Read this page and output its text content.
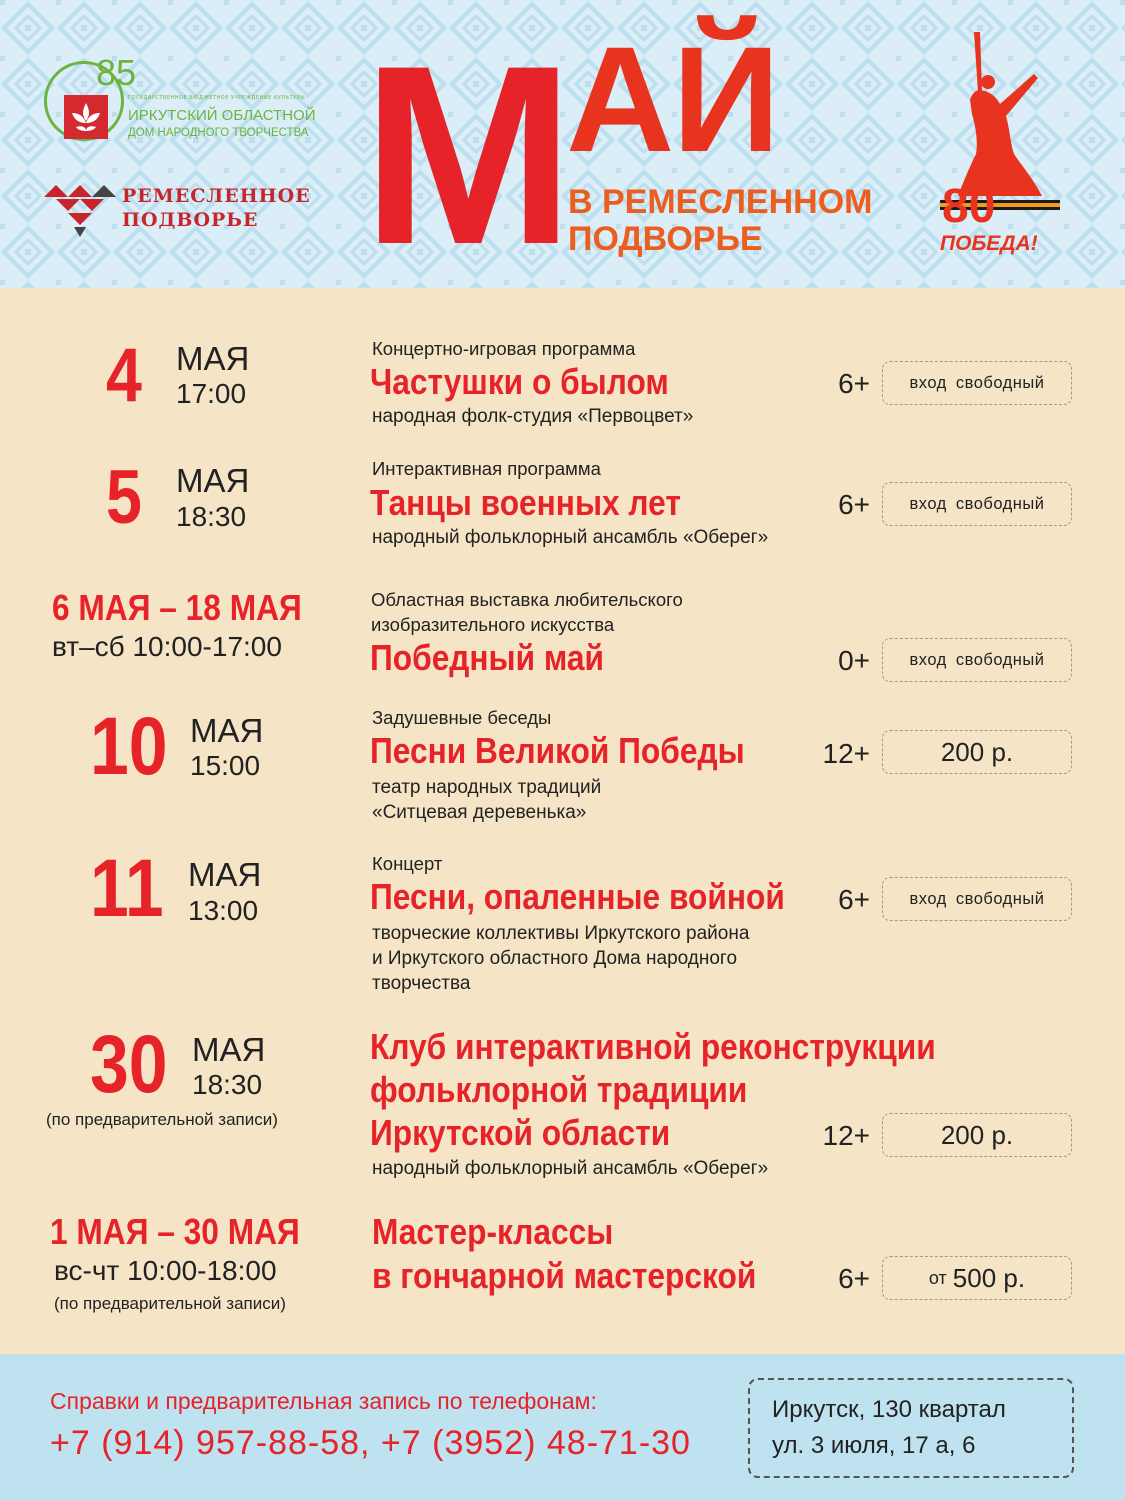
85
ГОСУДАРСТВЕННОЕ БЮДЖЕТНОЕ УЧРЕЖДЕНИЕ КУЛЬТУРЫ
ИРКУТСКИЙ ОБЛАСТНОЙ
ДОМ НАРОДНОГО ТВОРЧЕСТВА
РЕМЕСЛЕННОЕ
ПОДВОРЬЕ М
АЙ
В РЕМЕСЛЕННОМ
ПОДВОРЬЕ
80
ПОБЕДА!
4 МАЯ
17:00
Концертно-игровая программа
Частушки о былом
народная фолк-студия «Первоцвет»
6+	вход свободный
5 МАЯ
18:30
Интерактивная программа
Танцы военных лет
народный фольклорный ансамбль «Оберег»
6+	вход свободный
6 МАЯ – 18 МАЯ
вт–сб 10:00-17:00
Областная выставка любительского
изобразительного искусства
Победный май	0+	вход свободный
10 МАЯ
15:00
Задушевные беседы
Песни Великой Победы
театр народных традиций
«Ситцевая деревенька»
12+	200 р.
11 МАЯ
13:00
Концерт
Песни, опаленные войной
творческие коллективы Иркутского района
и Иркутского областного Дома народного
творчества
6+	вход свободный
30 МАЯ
18:30
(по предварительной записи)
Клуб интерактивной реконструкции
фольклорной традиции
Иркутской области
народный фольклорный ансамбль «Оберег»
12+	200 р.
1 МАЯ – 30 МАЯ
вс-чт 10:00-18:00
(по предварительной записи)
Мастер-классы
в гончарной мастерской	6+	от 500 р.
Справки и предварительная запись по телефонам:
+7 (914) 957-88-58, +7 (3952) 48-71-30
Иркутск, 130 квартал
ул. 3 июля, 17 а, 6
